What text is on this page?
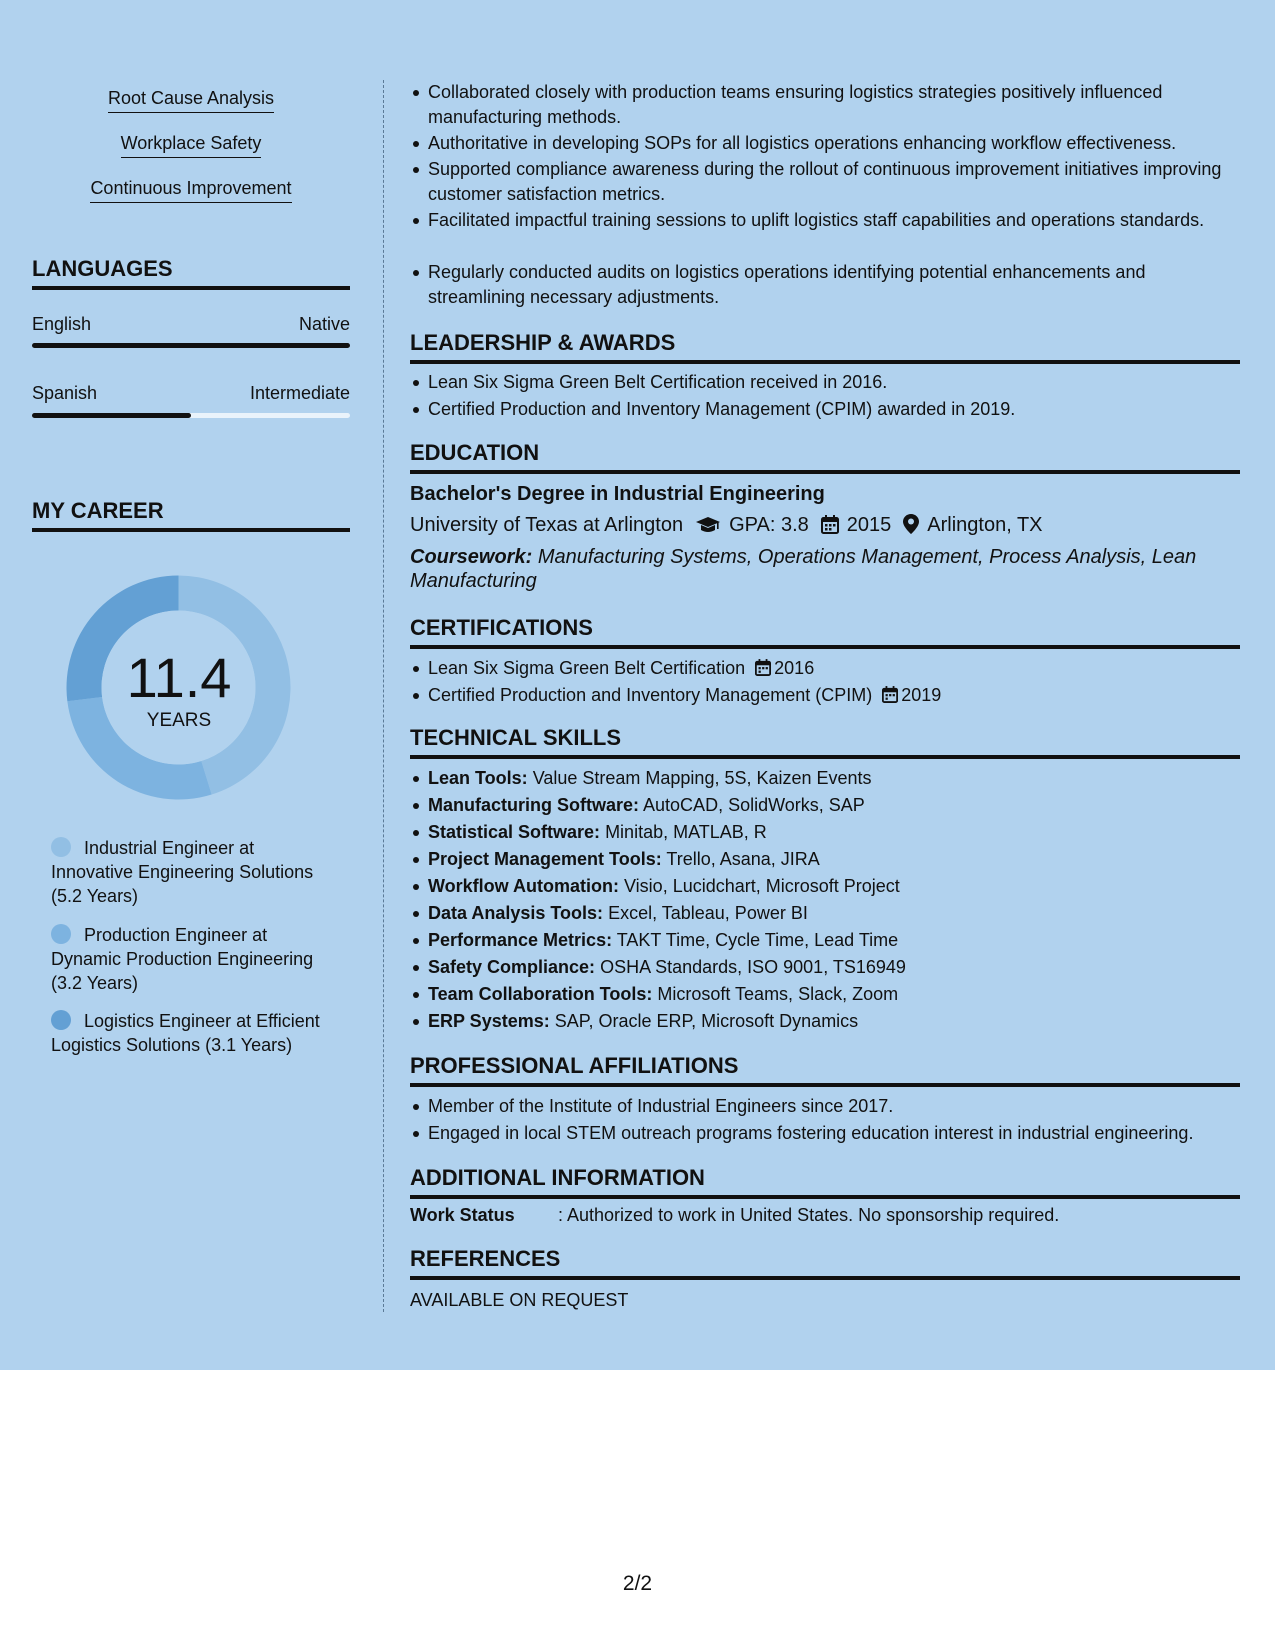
Root Cause Analysis
Workplace Safety
Continuous Improvement
LANGUAGES
English	Native
Spanish	Intermediate
MY CAREER
11.4
YEARS
Industrial Engineer at Innovative Engineering Solutions (5.2 Years)
Production Engineer at Dynamic Production Engineering (3.2 Years)
Logistics Engineer at Efficient Logistics Solutions (3.1 Years)
Collaborated closely with production teams ensuring logistics strategies positively influenced manufacturing methods.
Authoritative in developing SOPs for all logistics operations enhancing workflow effectiveness.
Supported compliance awareness during the rollout of continuous improvement initiatives improving customer satisfaction metrics.
Facilitated impactful training sessions to uplift logistics staff capabilities and operations standards.
Regularly conducted audits on logistics operations identifying potential enhancements and streamlining necessary adjustments.
LEADERSHIP & AWARDS
Lean Six Sigma Green Belt Certification received in 2016.
Certified Production and Inventory Management (CPIM) awarded in 2019.
EDUCATION
Bachelor's Degree in Industrial Engineering
University of Texas at Arlington GPA: 3.8 2015 Arlington, TX
Coursework: Manufacturing Systems, Operations Management, Process Analysis, Lean Manufacturing
CERTIFICATIONS
Lean Six Sigma Green Belt Certification 2016
Certified Production and Inventory Management (CPIM) 2019
TECHNICAL SKILLS
Lean Tools: Value Stream Mapping, 5S, Kaizen Events
Manufacturing Software: AutoCAD, SolidWorks, SAP
Statistical Software: Minitab, MATLAB, R
Project Management Tools: Trello, Asana, JIRA
Workflow Automation: Visio, Lucidchart, Microsoft Project
Data Analysis Tools: Excel, Tableau, Power BI
Performance Metrics: TAKT Time, Cycle Time, Lead Time
Safety Compliance: OSHA Standards, ISO 9001, TS16949
Team Collaboration Tools: Microsoft Teams, Slack, Zoom
ERP Systems: SAP, Oracle ERP, Microsoft Dynamics
PROFESSIONAL AFFILIATIONS
Member of the Institute of Industrial Engineers since 2017.
Engaged in local STEM outreach programs fostering education interest in industrial engineering.
ADDITIONAL INFORMATION
Work Status : Authorized to work in United States. No sponsorship required.
REFERENCES
AVAILABLE ON REQUEST
2/2
